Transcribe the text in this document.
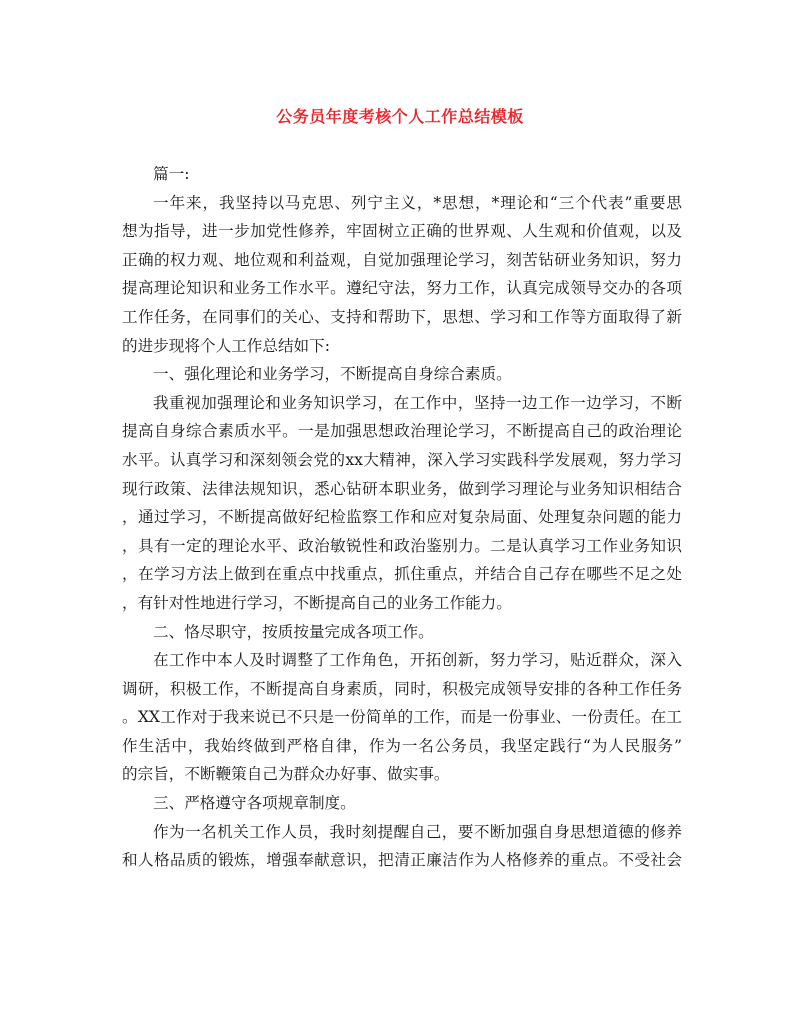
公务员年度考核个人工作总结模板
篇一:
一年来，我坚持以马克思、列宁主义，*思想，*理论和“三个代表”重要思
想为指导，进一步加党性修养，牢固树立正确的世界观、人生观和价值观，以及
正确的权力观、地位观和利益观，自觉加强理论学习，刻苦钻研业务知识，努力
提高理论知识和业务工作水平。遵纪守法，努力工作，认真完成领导交办的各项
工作任务，在同事们的关心、支持和帮助下，思想、学习和工作等方面取得了新
的进步现将个人工作总结如下:
一、强化理论和业务学习，不断提高自身综合素质。
我重视加强理论和业务知识学习，在工作中，坚持一边工作一边学习，不断
提高自身综合素质水平。一是加强思想政治理论学习，不断提高自己的政治理论
水平。认真学习和深刻领会党的xx大精神，深入学习实践科学发展观，努力学习
现行政策、法律法规知识，悉心钻研本职业务，做到学习理论与业务知识相结合
，通过学习，不断提高做好纪检监察工作和应对复杂局面、处理复杂问题的能力
，具有一定的理论水平、政治敏锐性和政治鉴别力。二是认真学习工作业务知识
，在学习方法上做到在重点中找重点，抓住重点，并结合自己存在哪些不足之处
，有针对性地进行学习，不断提高自己的业务工作能力。
二、恪尽职守，按质按量完成各项工作。
在工作中本人及时调整了工作角色，开拓创新，努力学习，贴近群众，深入
调研，积极工作，不断提高自身素质，同时，积极完成领导安排的各种工作任务
。XX工作对于我来说已不只是一份简单的工作，而是一份事业、一份责任。在工
作生活中，我始终做到严格自律，作为一名公务员，我坚定践行“为人民服务”
的宗旨，不断鞭策自己为群众办好事、做实事。
三、严格遵守各项规章制度。
作为一名机关工作人员，我时刻提醒自己，要不断加强自身思想道德的修养
和人格品质的锻炼，增强奉献意识，把清正廉洁作为人格修养的重点。不受社会
